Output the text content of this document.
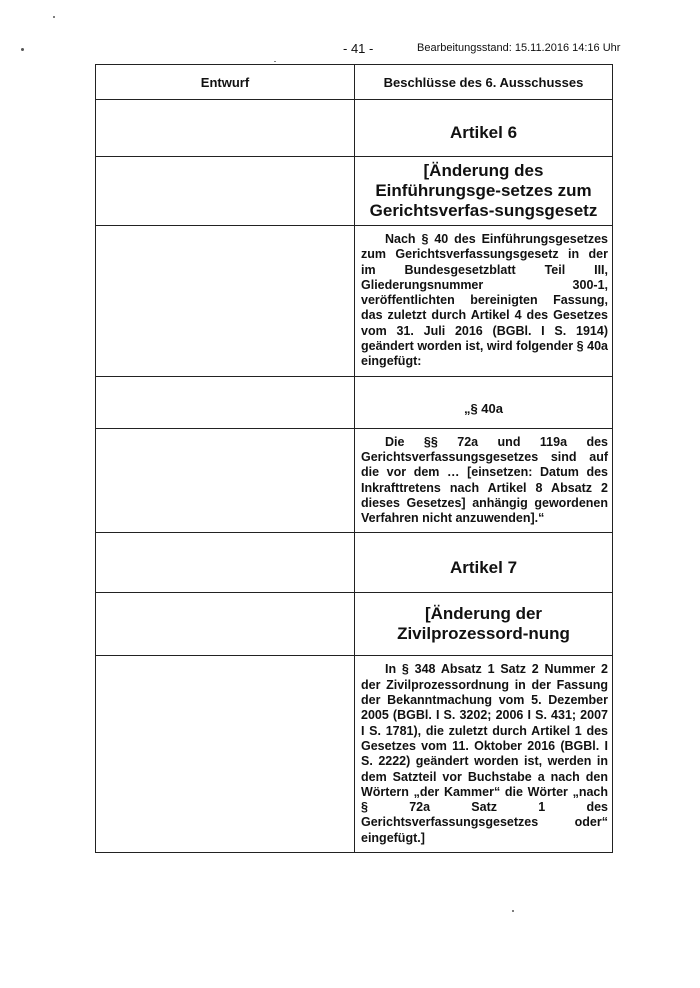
- 41 -	Bearbeitungsstand: 15.11.2016 14:16 Uhr
Entwurf	Beschlüsse des 6. Ausschusses
	Artikel 6
	[Änderung des Einführungsge-setzes zum Gerichtsverfas-sungsgesetz

	Nach § 40 des Einführungsgesetzes zum Gerichtsverfassungsgesetz in der im Bundesgesetzblatt Teil III, Gliederungsnummer 300-1, veröffentlichten bereinigten Fassung, das zuletzt durch Artikel 4 des Gesetzes vom 31. Juli 2016 (BGBl. I S. 1914) geändert worden ist, wird folgender § 40a eingefügt:

	„§ 40a

	Die §§ 72a und 119a des Gerichtsverfassungsgesetzes sind auf die vor dem … [einsetzen: Datum des Inkrafttretens nach Artikel 8 Absatz 2 dieses Gesetzes] anhängig gewordenen Verfahren nicht anzuwenden].“

	Artikel 7
	[Änderung der Zivilprozessord-nung

	In § 348 Absatz 1 Satz 2 Nummer 2 der Zivilprozessordnung in der Fassung der Bekanntmachung vom 5. Dezember 2005 (BGBl. I S. 3202; 2006 I S. 431; 2007 I S. 1781), die zuletzt durch Artikel 1 des Gesetzes vom 11. Oktober 2016 (BGBl. I S. 2222) geändert worden ist, werden in dem Satzteil vor Buchstabe a nach den Wörtern „der Kammer“ die Wörter „nach § 72a Satz 1 des Gerichtsverfassungsgesetzes oder“ eingefügt.]
